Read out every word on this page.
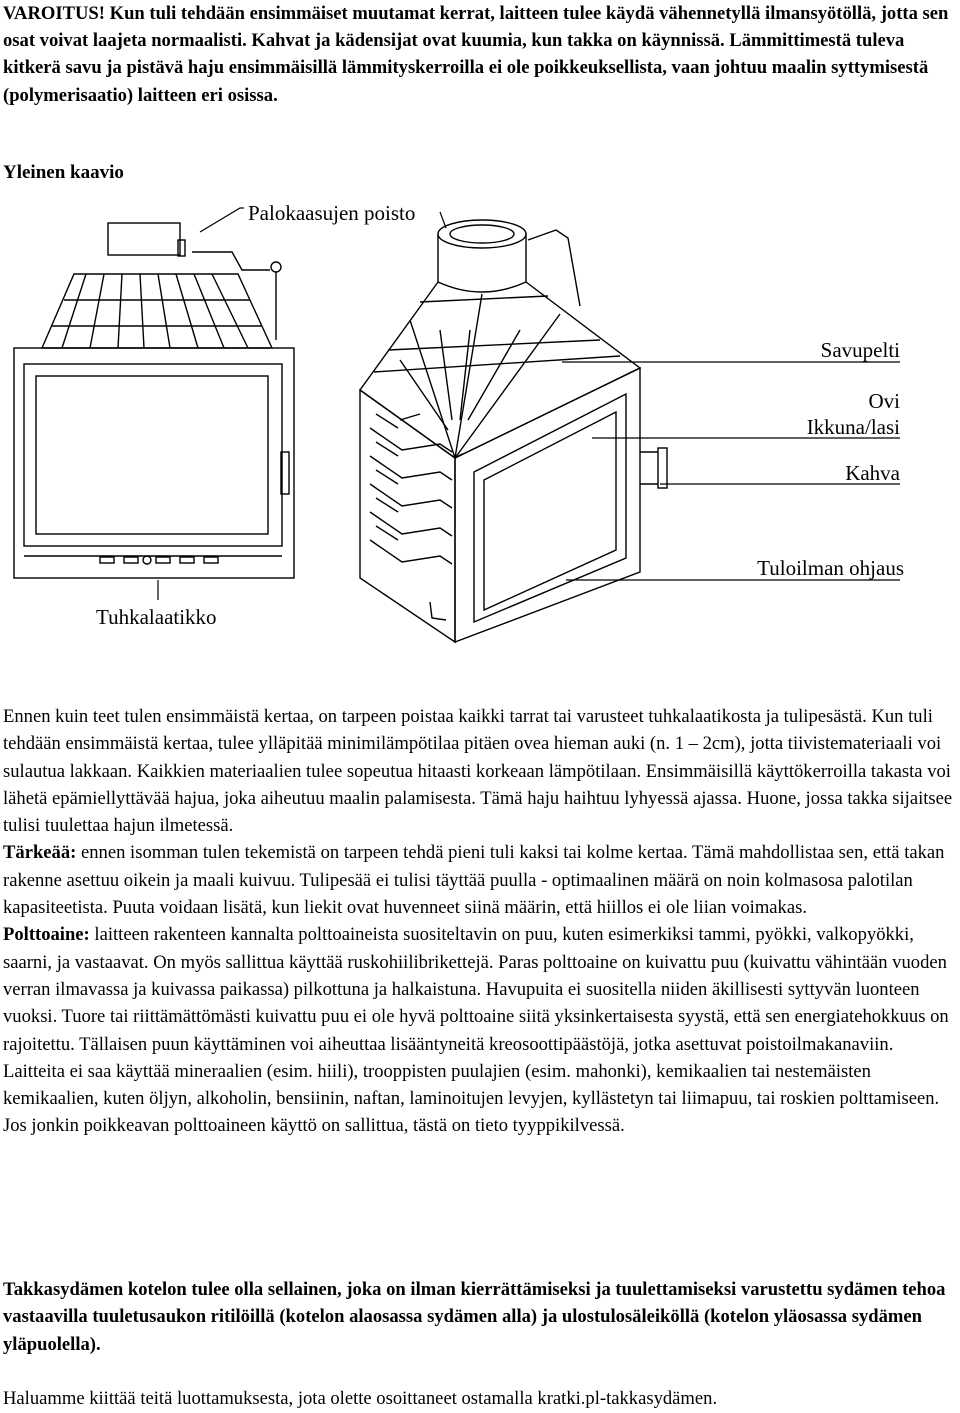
VAROITUS! Kun tuli tehdään ensimmäiset muutamat kerrat, laitteen tulee käydä vähennetyllä ilmansyötöllä, jotta sen osat voivat laajeta normaalisti. Kahvat ja kädensijat ovat kuumia, kun takka on käynnissä. Lämmittimestä tuleva kitkerä savu ja pistävä haju ensimmäisillä lämmityskerroilla ei ole poikkeuksellista, vaan johtuu maalin syttymisestä (polymerisaatio) laitteen eri osissa.

Yleinen kaavio
Palokaasujen poisto
Savupelti
Ovi
Ikkuna/lasi
Kahva
Tuloilman ohjaus
Tuhkalaatikko
Ennen kuin teet tulen ensimmäistä kertaa, on tarpeen poistaa kaikki tarrat tai varusteet tuhkalaatikosta ja tulipesästä. Kun tuli tehdään ensimmäistä kertaa, tulee ylläpitää minimilämpötilaa pitäen ovea hieman auki (n. 1 – 2cm), jotta tiivistemateriaali voi sulautua lakkaan. Kaikkien materiaalien tulee sopeutua hitaasti korkeaan lämpötilaan. Ensimmäisillä käyttökerroilla takasta voi lähetä epämiellyttävää hajua, joka aiheutuu maalin palamisesta. Tämä haju haihtuu lyhyessä ajassa. Huone, jossa takka sijaitsee tulisi tuulettaa hajun ilmetessä.
Tärkeää: ennen isomman tulen tekemistä on tarpeen tehdä pieni tuli kaksi tai kolme kertaa. Tämä mahdollistaa sen, että takan rakenne asettuu oikein ja maali kuivuu. Tulipesää ei tulisi täyttää puulla - optimaalinen määrä on noin kolmasosa palotilan kapasiteetista. Puuta voidaan lisätä, kun liekit ovat huvenneet siinä määrin, että hiillos ei ole liian voimakas.
Polttoaine: laitteen rakenteen kannalta polttoaineista suositeltavin on puu, kuten esimerkiksi tammi, pyökki, valkopyökki, saarni, ja vastaavat. On myös sallittua käyttää ruskohiilibrikettejä. Paras polttoaine on kuivattu puu (kuivattu vähintään vuoden verran ilmavassa ja kuivassa paikassa) pilkottuna ja halkaistuna. Havupuita ei suositella niiden äkillisesti syttyvän luonteen vuoksi. Tuore tai riittämättömästi kuivattu puu ei ole hyvä polttoaine siitä yksinkertaisesta syystä, että sen energiatehokkuus on rajoitettu. Tällaisen puun käyttäminen voi aiheuttaa lisääntyneitä kreosoottipäästöjä, jotka asettuvat poistoilmakanaviin. Laitteita ei saa käyttää mineraalien (esim. hiili), trooppisten puulajien (esim. mahonki), kemikaalien tai nestemäisten kemikaalien, kuten öljyn, alkoholin, bensiinin, naftan, laminoitujen levyjen, kyllästetyn tai liimapuu, tai roskien polttamiseen. Jos jonkin poikkeavan polttoaineen käyttö on sallittua, tästä on tieto tyyppikilvessä.

Takkasydämen kotelon tulee olla sellainen, joka on ilman kierrättämiseksi ja tuulettamiseksi varustettu sydämen tehoa vastaavilla tuuletusaukon ritilöillä (kotelon alaosassa sydämen alla) ja ulostulosäleiköllä (kotelon yläosassa sydämen yläpuolella).

Haluamme kiittää teitä luottamuksesta, jota olette osoittaneet ostamalla kratki.pl-takkasydämen.
